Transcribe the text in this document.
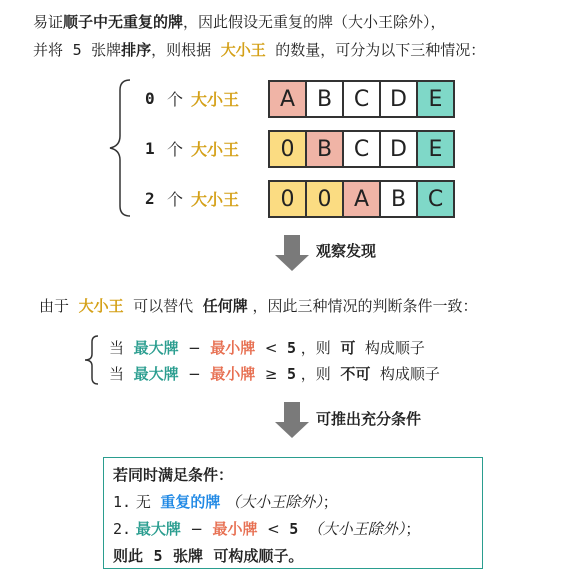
易证顺子中无重复的牌，因此假设无重复的牌（大小王除外），
并将 5 张牌排序，则根据 大小王 的数量，可分为以下三种情况：
0 个 大小王	A B C D E
1 个 大小王	0	B C D E
2 个 大小王	0	0	A B C
观察发现
由于 大小王 可以替代 任何牌 ，因此三种情况的判断条件一致：
当 最大牌 − 最小牌 < 5 ，则 可 构成顺子
当 最大牌 − 最小牌 ≥ 5 ，则 不可 构成顺子
可推出充分条件
若同时满足条件：
1. 无 重复的牌 （大小王除外）；
2. 最大牌 − 最小牌 < 5 （大小王除外）；
则此 5 张牌 可构成顺子。
